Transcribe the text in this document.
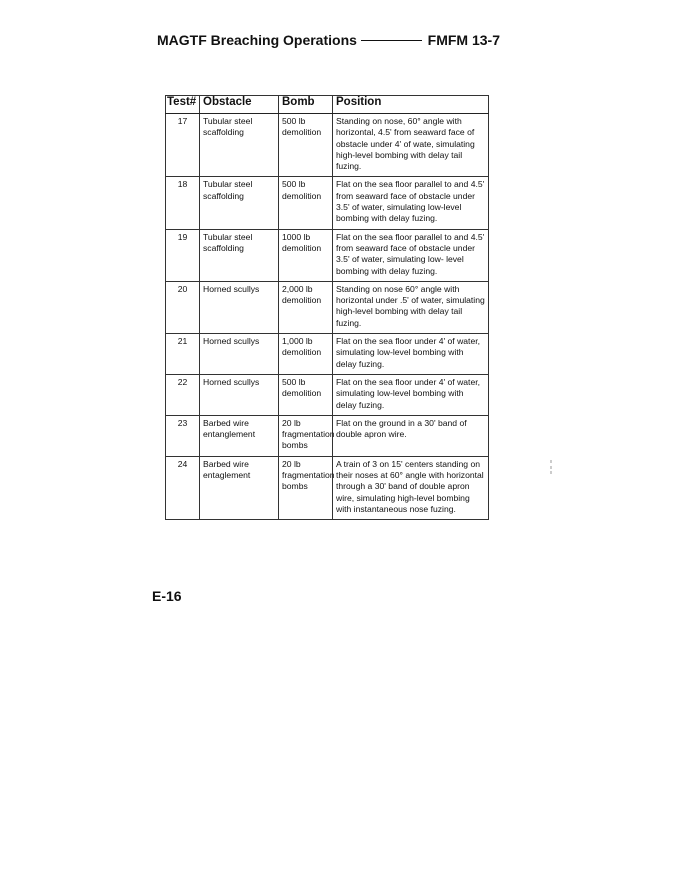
MAGTF Breaching Operations	FMFM 13-7
Test#	Obstacle	Bomb	Position
17	Tubular steel scaffolding	500 lb demolition	Standing on nose, 60° angle with horizontal, 4.5' from seaward face of obstacle under 4' of wate, simulating high-level bombing with delay tail fuzing.
18	Tubular steel scaffolding	500 lb demolition	Flat on the sea floor parallel to and 4.5' from seaward face of obstacle under 3.5' of water, simulating low-level bombing with delay fuzing.
19	Tubular steel scaffolding	1000 lb demolition	Flat on the sea floor parallel to and 4.5' from seaward face of obstacle under 3.5' of water, simulating low- level bombing with delay fuzing.
20	Horned scullys	2,000 lb demolition	Standing on nose 60° angle with horizontal under .5' of water, simulating high-level bombing with delay tail fuzing.
21	Horned scullys	1,000 lb demolition	Flat on the sea floor under 4' of water, simulating low-level bombing with delay fuzing.
22	Horned scullys	500 lb demolition	Flat on the sea floor under 4' of water, simulating low-level bombing with delay fuzing.
23	Barbed wire entanglement	20 lb fragmentation bombs	Flat on the ground in a 30' band of double apron wire.
24	Barbed wire entaglement	20 lb fragmentation bombs	A train of 3 on 15' centers standing on their noses at 60° angle with horizontal through a 30' band of double apron wire, simulating high-level bombing with instantaneous nose fuzing.
E-16
